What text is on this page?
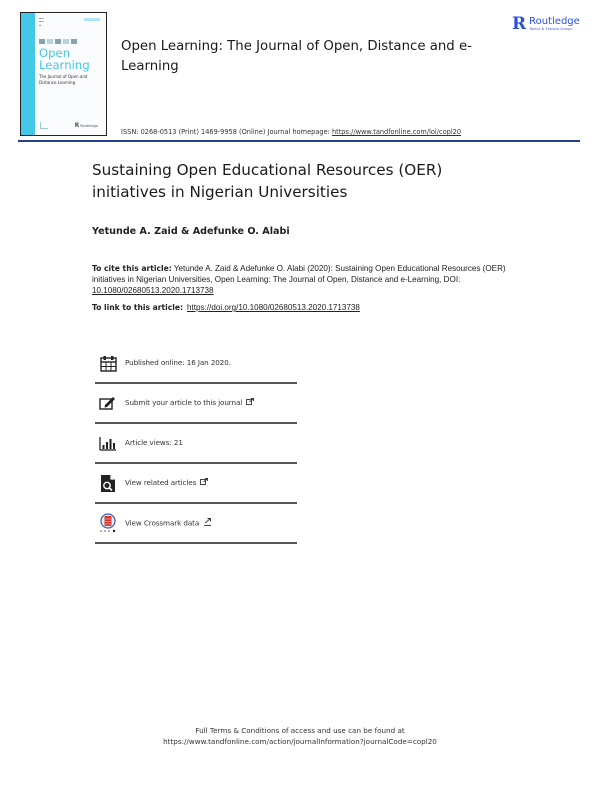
▬▬
▬▬
▬
Open
Learning
The Journal of Open and Distance Learning
R Routledge
Open Learning: The Journal of Open, Distance and e-Learning
R Routledge
Taylor & Francis Group
ISSN: 0268-0513 (Print) 1469-9958 (Online) Journal homepage: https://www.tandfonline.com/loi/copl20
Sustaining Open Educational Resources (OER) initiatives in Nigerian Universities
Yetunde A. Zaid & Adefunke O. Alabi
To cite this article: Yetunde A. Zaid & Adefunke O. Alabi (2020): Sustaining Open Educational Resources (OER) initiatives in Nigerian Universities, Open Learning: The Journal of Open, Distance and e-Learning, DOI: 10.1080/02680513.2020.1713738
To link to this article: https://doi.org/10.1080/02680513.2020.1713738
Published online: 16 Jan 2020.
Submit your article to this journal
Article views: 21
View related articles
View Crossmark data
Full Terms & Conditions of access and use can be found at
https://www.tandfonline.com/action/journalInformation?journalCode=copl20
